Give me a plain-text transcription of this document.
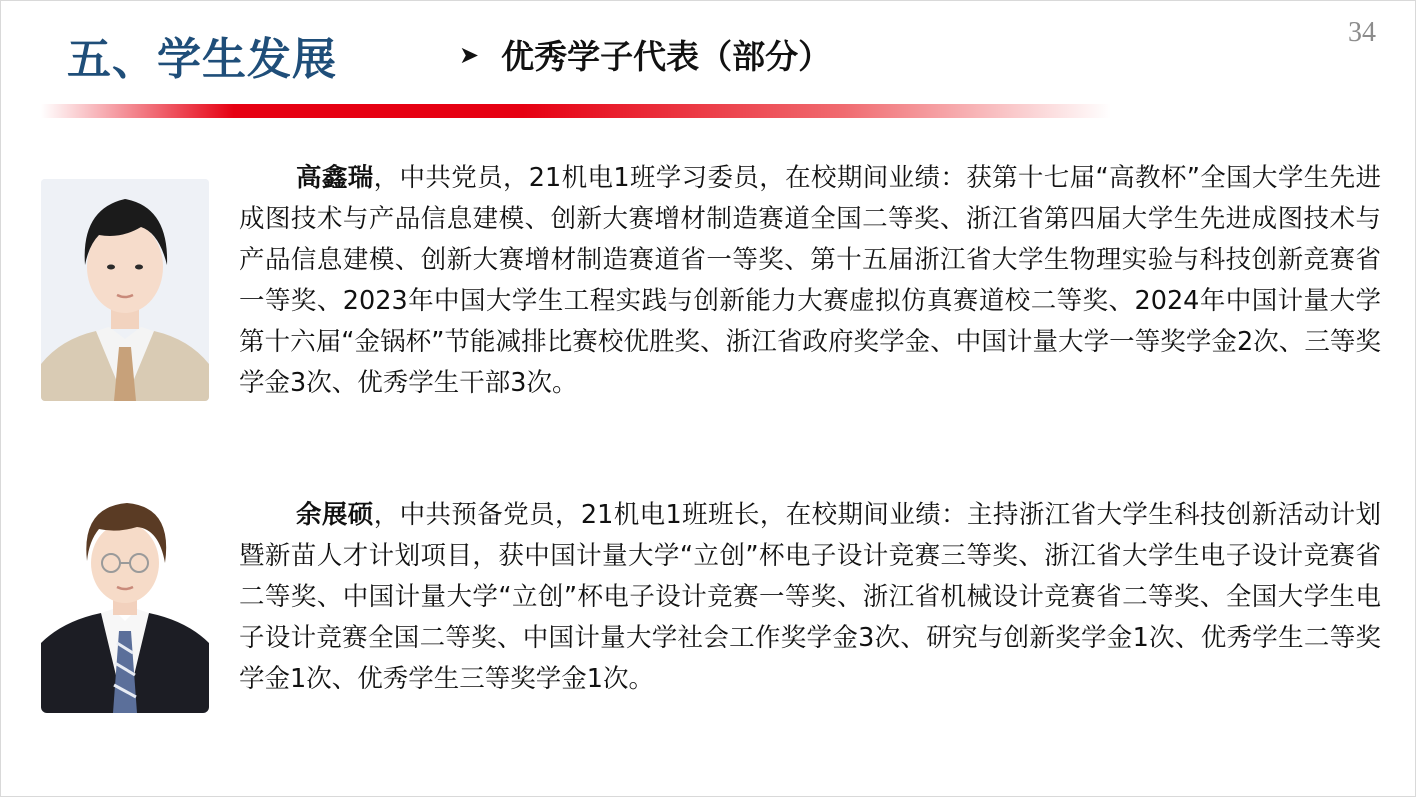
五、学生发展	➤ 优秀学子代表（部分）
34
高鑫瑞，中共党员，21机电1班学习委员，在校期间业绩：获第十七届“高教杯”全国大学生先进成图技术与产品信息建模、创新大赛增材制造赛道全国二等奖、浙江省第四届大学生先进成图技术与产品信息建模、创新大赛增材制造赛道省一等奖、第十五届浙江省大学生物理实验与科技创新竞赛省一等奖、2023年中国大学生工程实践与创新能力大赛虚拟仿真赛道校二等奖、2024年中国计量大学第十六届“金锅杯”节能减排比赛校优胜奖、浙江省政府奖学金、中国计量大学一等奖学金2次、三等奖学金3次、优秀学生干部3次。
余展硕，中共预备党员，21机电1班班长，在校期间业绩：主持浙江省大学生科技创新活动计划暨新苗人才计划项目，获中国计量大学“立创”杯电子设计竞赛三等奖、浙江省大学生电子设计竞赛省二等奖、中国计量大学“立创”杯电子设计竞赛一等奖、浙江省机械设计竞赛省二等奖、全国大学生电子设计竞赛全国二等奖、中国计量大学社会工作奖学金3次、研究与创新奖学金1次、优秀学生二等奖学金1次、优秀学生三等奖学金1次。
